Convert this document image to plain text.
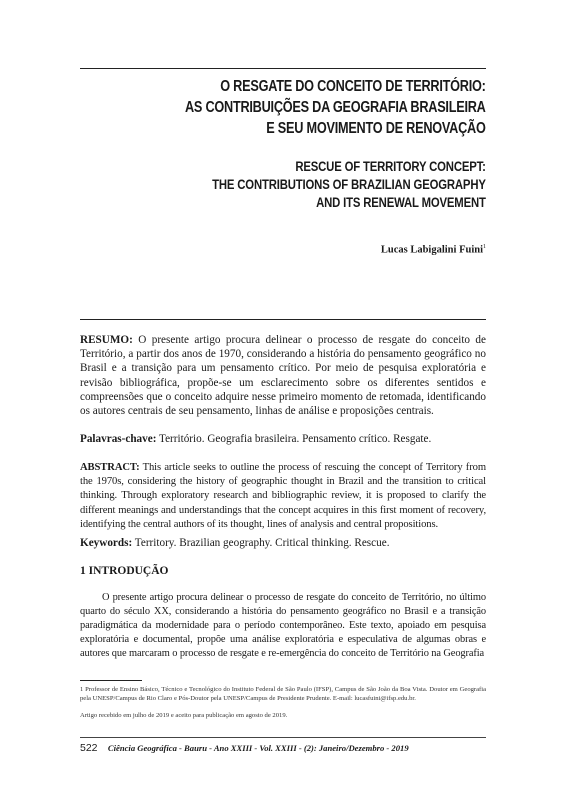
O RESGATE DO CONCEITO DE TERRITÓRIO:
AS CONTRIBUIÇÕES DA GEOGRAFIA BRASILEIRA
E SEU MOVIMENTO DE RENOVAÇÃO
RESCUE OF TERRITORY CONCEPT:
THE CONTRIBUTIONS OF BRAZILIAN GEOGRAPHY
AND ITS RENEWAL MOVEMENT
Lucas Labigalini Fuini$^1$
RESUMO: O presente artigo procura delinear o processo de resgate do conceito de Território, a partir dos anos de 1970, considerando a história do pensamento geográfico no Brasil e a transição para um pensamento crítico. Por meio de pesquisa exploratória e revisão bibliográfica, propõe-se um esclarecimento sobre os diferentes sentidos e compreensões que o conceito adquire nesse primeiro momento de retomada, identificando os autores centrais de seu pensamento, linhas de análise e proposições centrais.
Palavras-chave: Território. Geografia brasileira. Pensamento crítico. Resgate.
ABSTRACT: This article seeks to outline the process of rescuing the concept of Territory from the 1970s, considering the history of geographic thought in Brazil and the transition to critical thinking. Through exploratory research and bibliographic review, it is proposed to clarify the different meanings and understandings that the concept acquires in this first moment of recovery, identifying the central authors of its thought, lines of analysis and central propositions.
Keywords: Territory. Brazilian geography. Critical thinking. Rescue.
1 INTRODUÇÃO
O presente artigo procura delinear o processo de resgate do conceito de Território, no último quarto do século XX, considerando a história do pensamento geográfico no Brasil e a transição paradigmática da modernidade para o período contemporâneo. Este texto, apoiado em pesquisa exploratória e documental, propõe uma análise exploratória e especulativa de algumas obras e autores que marcaram o processo de resgate e re-emergência do conceito de Território na Geografia
1 Professor de Ensino Básico, Técnico e Tecnológico do Instituto Federal de São Paulo (IFSP), Campus de São João da Boa Vista. Doutor em Geografia pela UNESP/Campus de Rio Claro e Pós-Doutor pela UNESP/Campus de Presidente Prudente. E-mail: lucasfuini@ifsp.edu.br.
Artigo recebido em julho de 2019 e aceito para publicação em agosto de 2019.
522 Ciência Geográfica - Bauru - Ano XXIII - Vol. XXIII - (2): Janeiro/Dezembro - 2019
